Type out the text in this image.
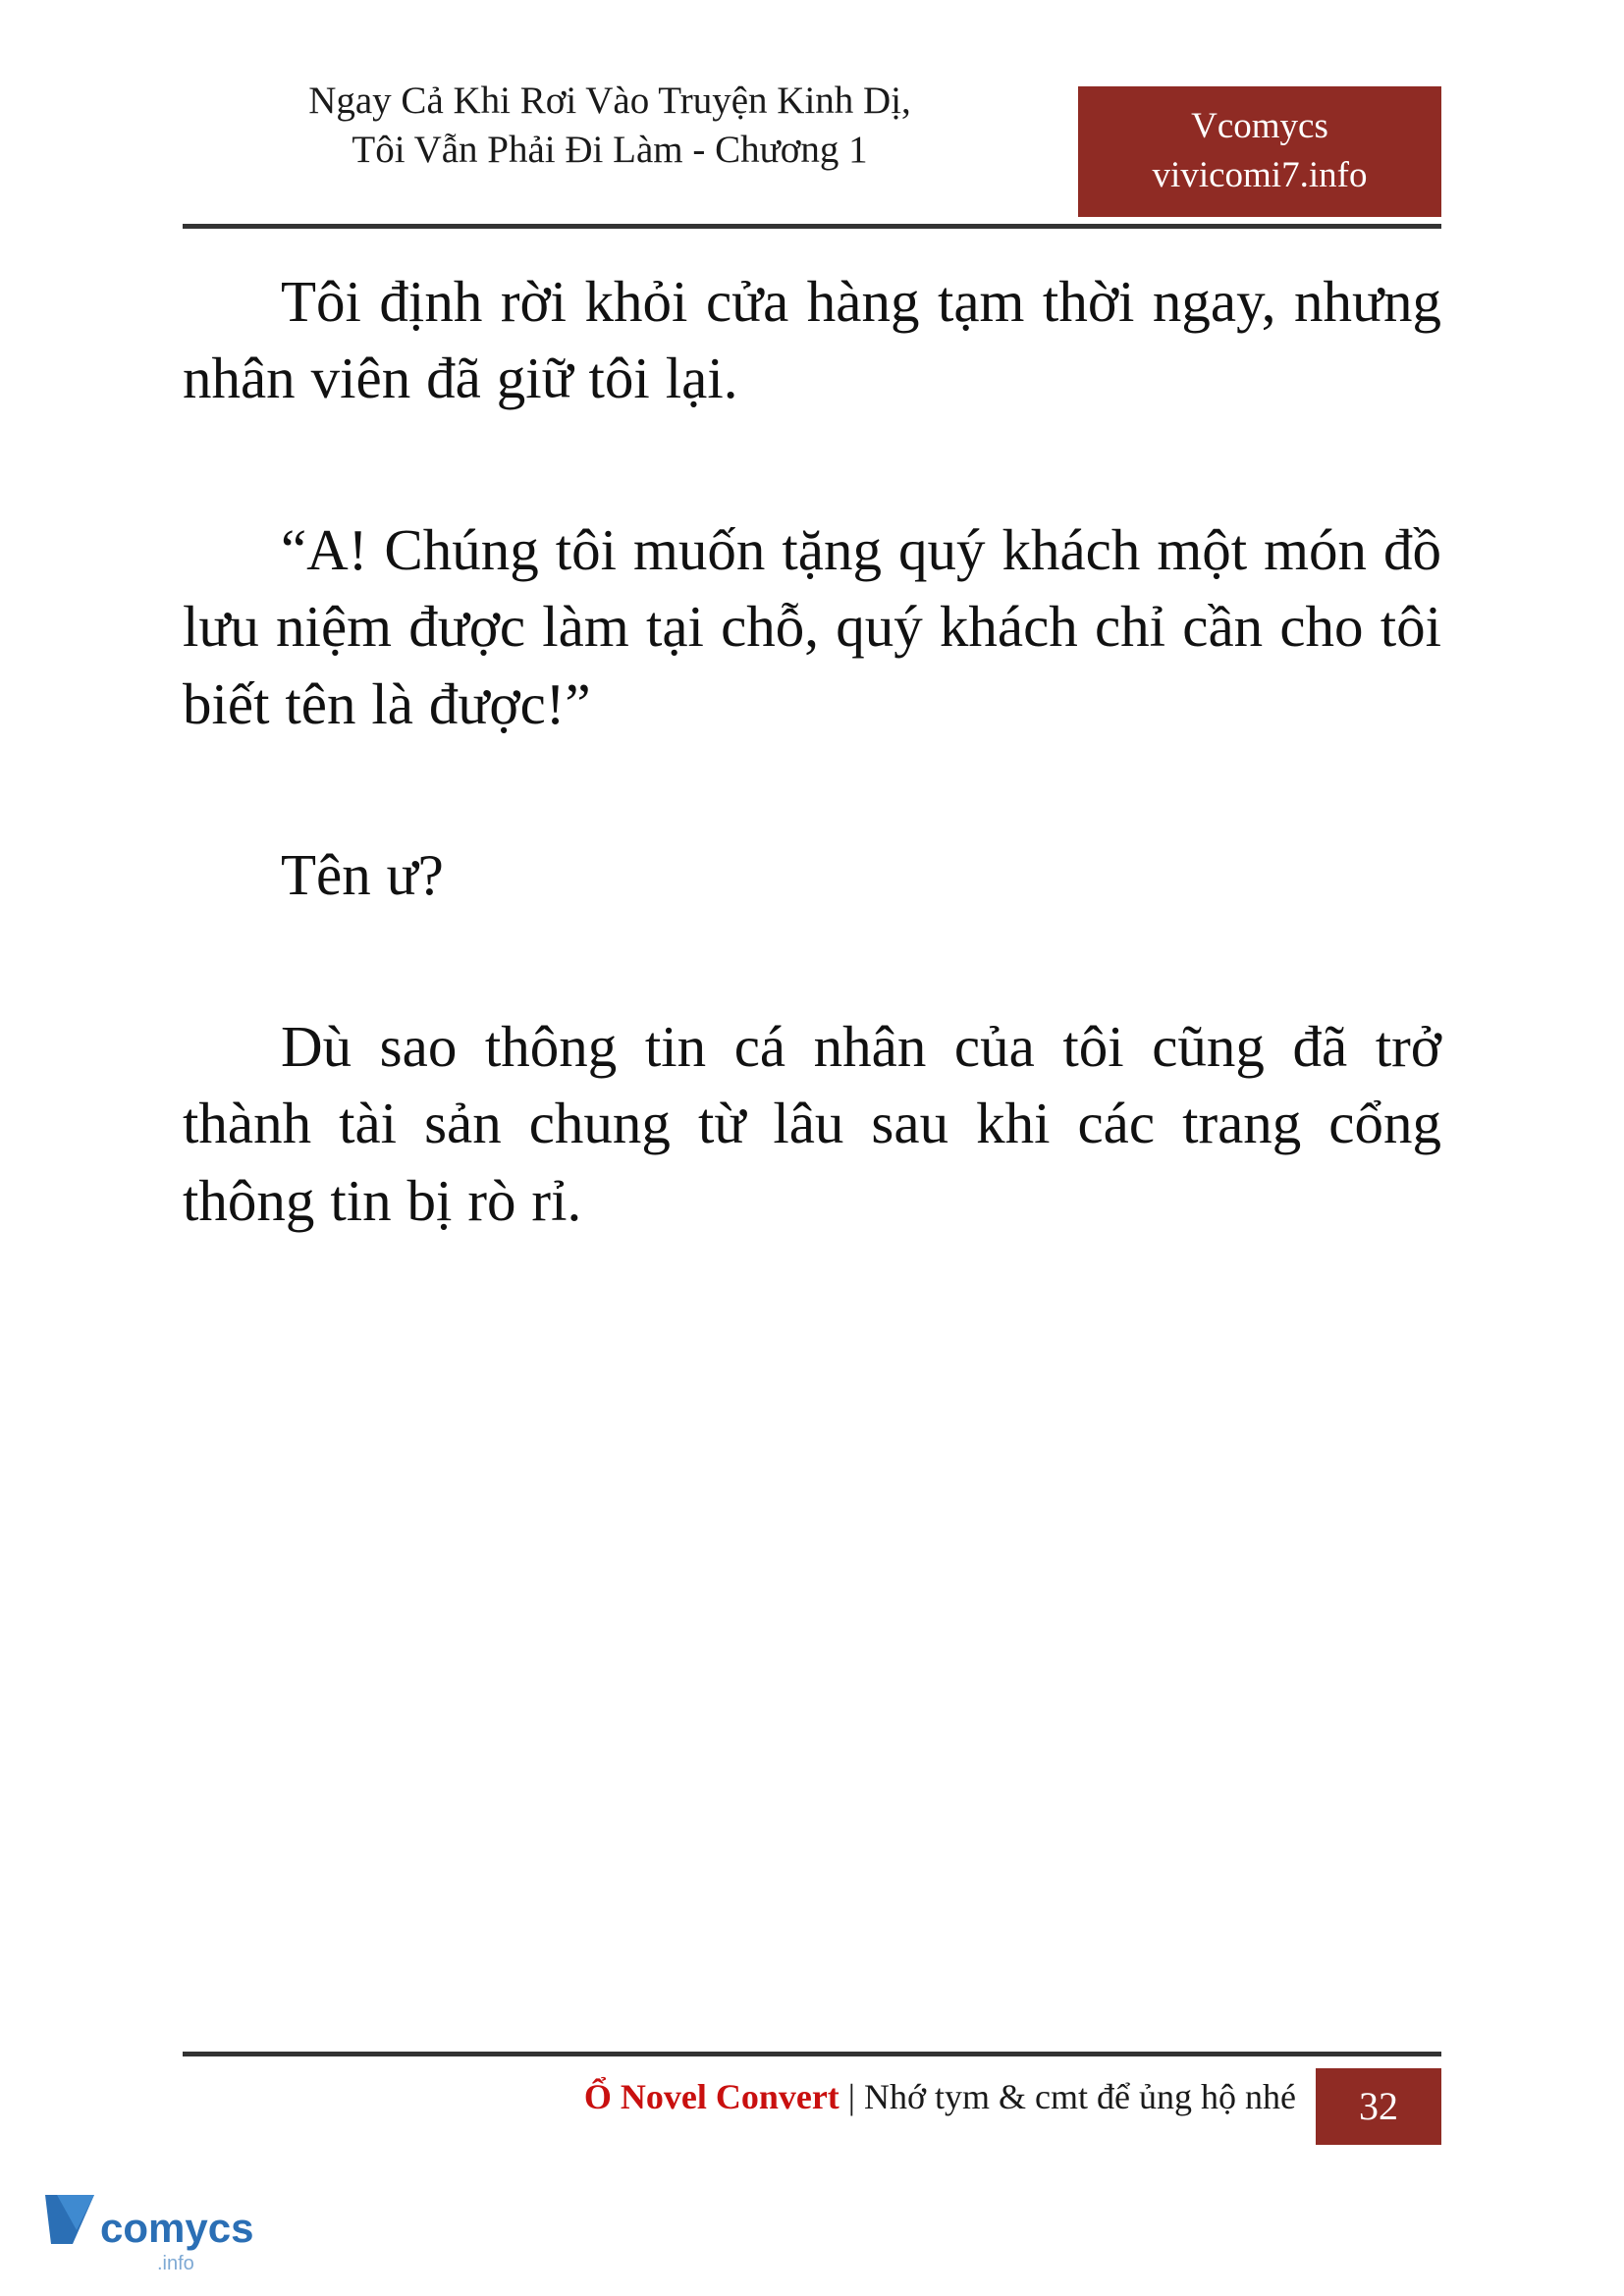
Ngay Cả Khi Rơi Vào Truyện Kinh Dị,
Tôi Vẫn Phải Đi Làm - Chương 1
Vcomycs
vivicomi7.info

Tôi định rời khỏi cửa hàng tạm thời ngay, nhưng nhân viên đã giữ tôi lại.

“A! Chúng tôi muốn tặng quý khách một món đồ lưu niệm được làm tại chỗ, quý khách chỉ cần cho tôi biết tên là được!”

Tên ư?

Dù sao thông tin cá nhân của tôi cũng đã trở thành tài sản chung từ lâu sau khi các trang cổng thông tin bị rò rỉ.

Ổ Novel Convert | Nhớ tym & cmt để ủng hộ nhé	32
comycs
.info
